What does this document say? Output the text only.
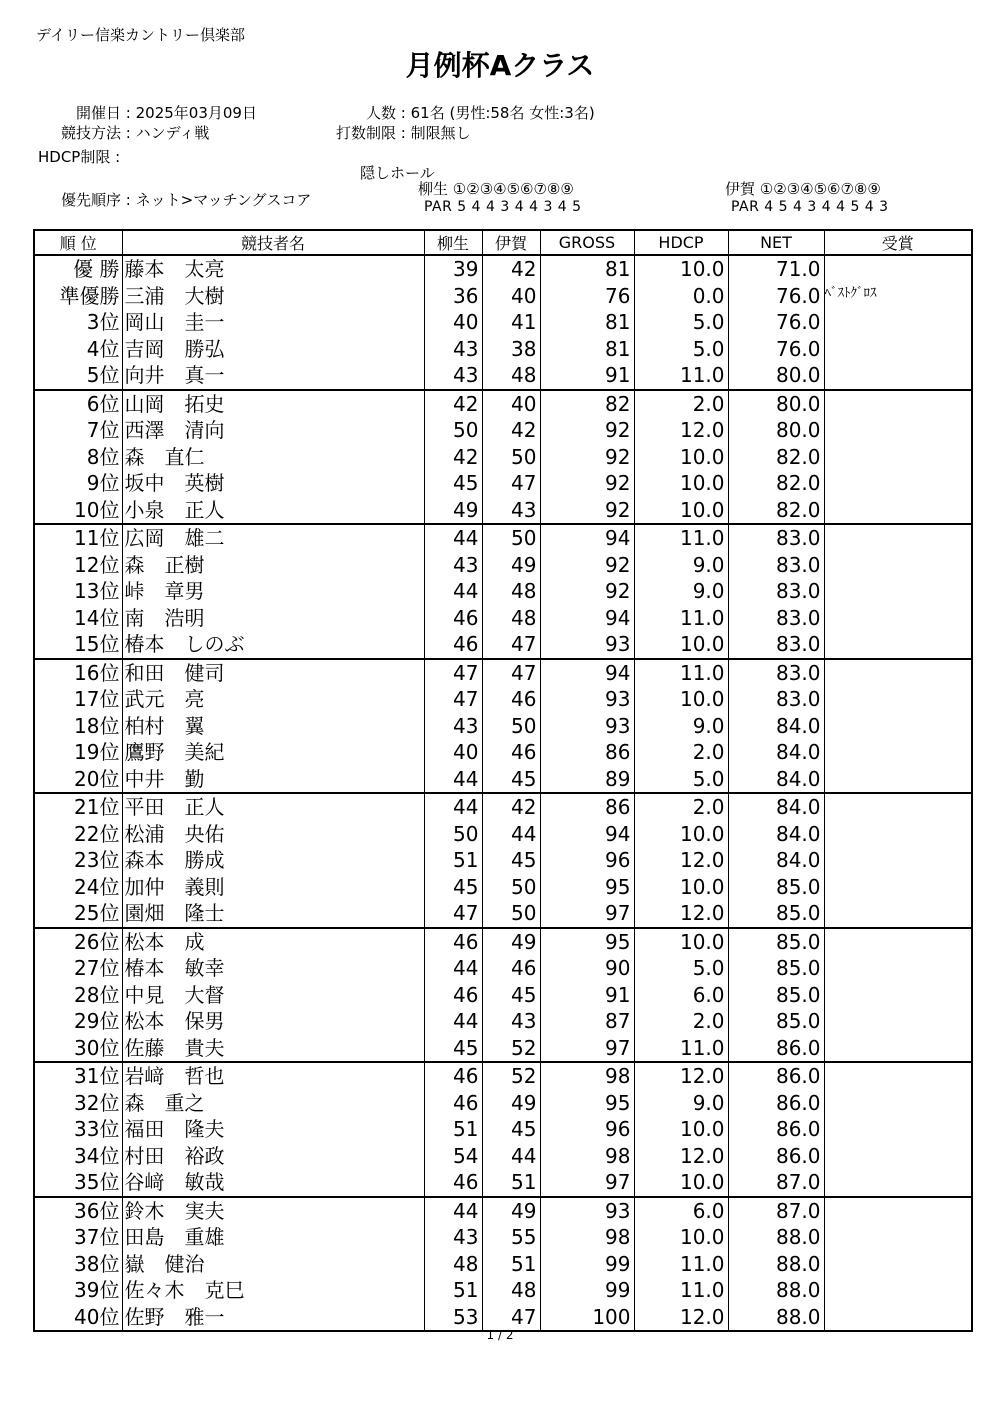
デイリー信楽カントリー倶楽部
月例杯Aクラス
開催日 : 2025年03月09日
競技方法 : ハンディ戦
HDCP制限 :
優先順序 : ネット>マッチングスコア
人数 : 61名 (男性:58名 女性:3名)
打数制限 : 制限無し
隠しホール
柳生 ①②③④⑤⑥⑦⑧⑨
PAR 5 4 4 3 4 4 3 4 5
伊賀 ①②③④⑤⑥⑦⑧⑨
PAR 4 5 4 3 4 4 5 4 3
順 位	競技者名	柳生	伊賀	GROSS	HDCP	NET	受賞
優 勝	藤本　太亮	39	42	81	10.0	71.0	
準優勝	三浦　大樹	36	40	76	0.0	76.0	ﾍﾞｽﾄｸﾞﾛｽ
3位	岡山　圭一	40	41	81	5.0	76.0	
4位	吉岡　勝弘	43	38	81	5.0	76.0	
5位	向井　真一	43	48	91	11.0	80.0	
6位	山岡　拓史	42	40	82	2.0	80.0	
7位	西澤　清向	50	42	92	12.0	80.0	
8位	森　直仁	42	50	92	10.0	82.0	
9位	坂中　英樹	45	47	92	10.0	82.0	
10位	小泉　正人	49	43	92	10.0	82.0	
11位	広岡　雄二	44	50	94	11.0	83.0	
12位	森　正樹	43	49	92	9.0	83.0	
13位	峠　章男	44	48	92	9.0	83.0	
14位	南　浩明	46	48	94	11.0	83.0	
15位	椿本　しのぶ	46	47	93	10.0	83.0	
16位	和田　健司	47	47	94	11.0	83.0	
17位	武元　亮	47	46	93	10.0	83.0	
18位	柏村　翼	43	50	93	9.0	84.0	
19位	鷹野　美紀	40	46	86	2.0	84.0	
20位	中井　勤	44	45	89	5.0	84.0	
21位	平田　正人	44	42	86	2.0	84.0	
22位	松浦　央佑	50	44	94	10.0	84.0	
23位	森本　勝成	51	45	96	12.0	84.0	
24位	加仲　義則	45	50	95	10.0	85.0	
25位	園畑　隆士	47	50	97	12.0	85.0	
26位	松本　成	46	49	95	10.0	85.0	
27位	椿本　敏幸	44	46	90	5.0	85.0	
28位	中見　大督	46	45	91	6.0	85.0	
29位	松本　保男	44	43	87	2.0	85.0	
30位	佐藤　貴夫	45	52	97	11.0	86.0	
31位	岩﨑　哲也	46	52	98	12.0	86.0	
32位	森　重之	46	49	95	9.0	86.0	
33位	福田　隆夫	51	45	96	10.0	86.0	
34位	村田　裕政	54	44	98	12.0	86.0	
35位	谷﨑　敏哉	46	51	97	10.0	87.0	
36位	鈴木　実夫	44	49	93	6.0	87.0	
37位	田島　重雄	43	55	98	10.0	88.0	
38位	嶽　健治	48	51	99	11.0	88.0	
39位	佐々木　克巳	51	48	99	11.0	88.0	
40位	佐野　雅一	53	47	100	12.0	88.0	
1 / 2
